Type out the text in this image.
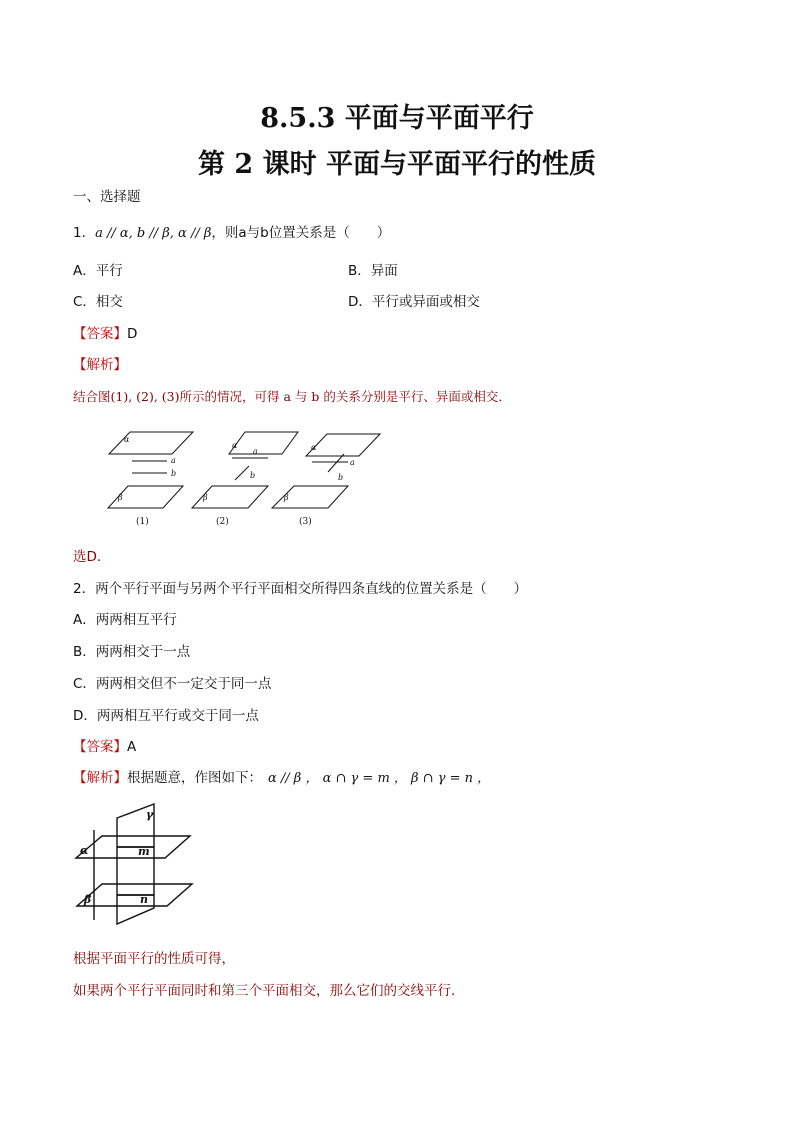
8.5.3 平面与平面平行
第 2 课时 平面与平面平行的性质
一、选择题
1．a // α, b // β, α // β，则a与b位置关系是（　　）
A．平行	B．异面
C．相交	D．平行或异面或相交
【答案】D
【解析】
结合图(1), (2), (3)所示的情况，可得 a 与 b 的关系分别是平行、异面或相交．
α
a
b
β
α
a
b
β
α
a
b
β
(1)	(2)	(3)
选D．
2．两个平行平面与另两个平行平面相交所得四条直线的位置关系是（　　）
A．两两相互平行
B．两两相交于一点
C．两两相交但不一定交于同一点
D．两两相互平行或交于同一点
【答案】A
【解析】根据题意，作图如下： α // β ， α ∩ γ = m ， β ∩ γ = n ，
γ
m
α
n
β
根据平面平行的性质可得，
如果两个平行平面同时和第三个平面相交，那么它们的交线平行.
